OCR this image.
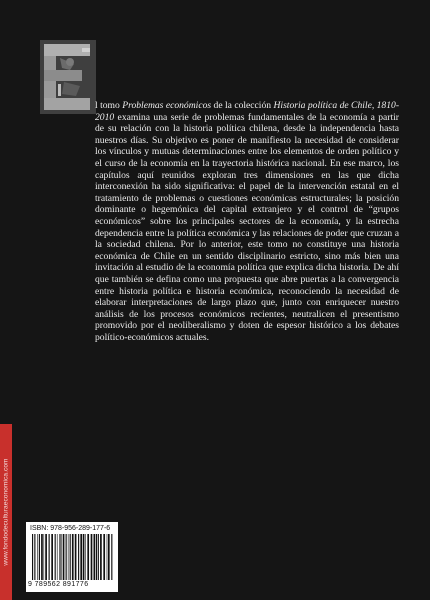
l tomo Problemas económicos de la colección Historia política de Chile, 1810-2010 examina una serie de problemas fundamentales de la economía a partir de su relación con la historia política chilena, desde la independencia hasta nuestros días. Su objetivo es poner de manifiesto la necesidad de considerar los vínculos y mutuas determinaciones entre los elementos de orden político y el curso de la economía en la trayectoria histórica nacional. En ese marco, los capítulos aquí reunidos exploran tres dimensiones en las que dicha interconexión ha sido significativa: el papel de la intervención estatal en el tratamiento de problemas o cuestiones económicas estructurales; la posición dominante o hegemónica del capital extranjero y el control de “grupos económicos” sobre los principales sectores de la economía, y la estrecha dependencia entre la política económica y las relaciones de poder que cruzan a la sociedad chilena. Por lo anterior, este tomo no constituye una historia económica de Chile en un sentido disciplinario estricto, sino más bien una invitación al estudio de la economía política que explica dicha historia. De ahí que también se defina como una propuesta que abre puertas a la convergencia entre historia política e historia económica, reconociendo la necesidad de elaborar interpretaciones de largo plazo que, junto con enriquecer nuestro análisis de los procesos económicos recientes, neutralicen el presentismo promovido por el neoliberalismo y doten de espesor histórico a los debates político-económicos actuales.

www.fondodeculturaeconomica.com	ISBN: 978-956-289-177-6
9 789562 891776
